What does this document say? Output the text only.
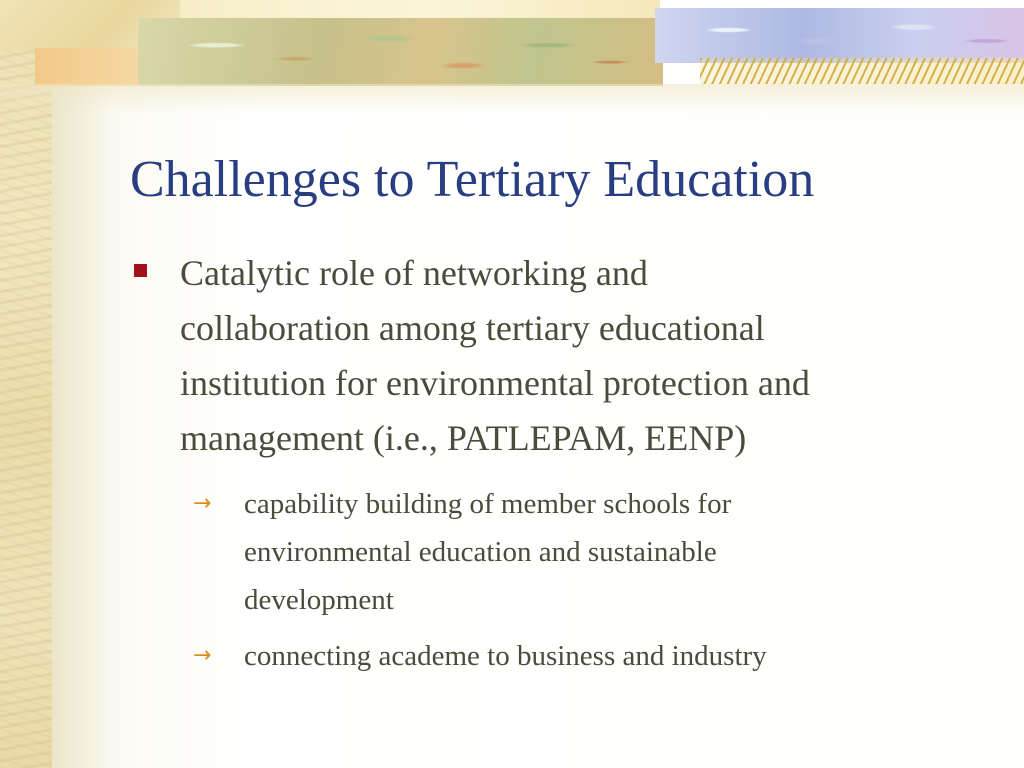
Challenges to Tertiary Education
Catalytic role of networking and
collaboration among tertiary educational
institution for environmental protection and
management (i.e., PATLEPAM, EENP)
→ capability building of member schools for
environmental education and sustainable
development
→ connecting academe to business and industry
